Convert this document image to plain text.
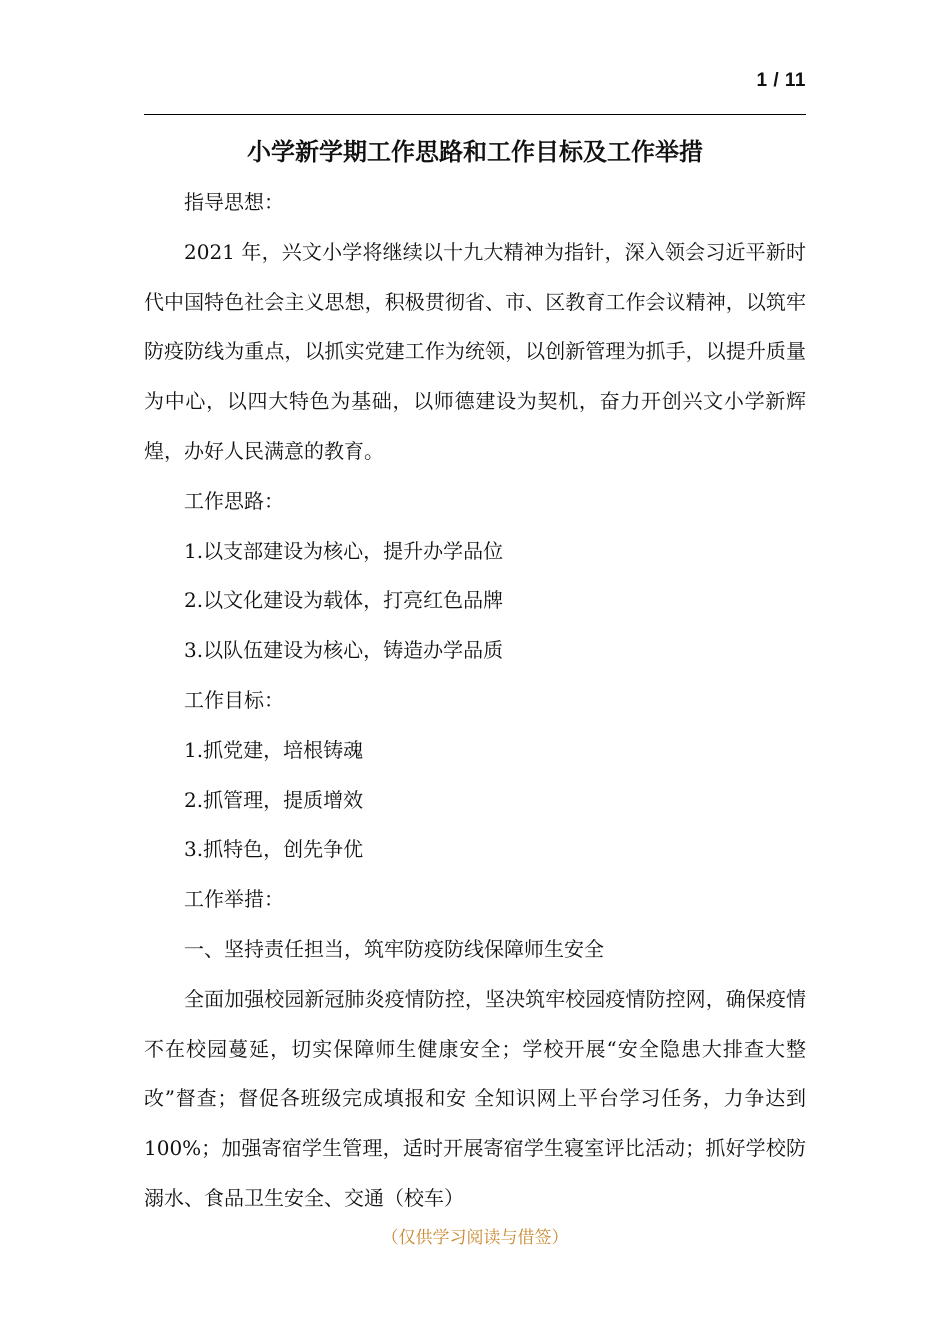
1 / 11
小学新学期工作思路和工作目标及工作举措

指导思想：

2021 年，兴文小学将继续以十九大精神为指针，深入领会习近平新时代中国特色社会主义思想，积极贯彻省、市、区教育工作会议精神，以筑牢防疫防线为重点，以抓实党建工作为统领，以创新管理为抓手，以提升质量为中心，以四大特色为基础，以师德建设为契机，奋力开创兴文小学新辉煌，办好人民满意的教育。

工作思路：

1.以支部建设为核心，提升办学品位

2.以文化建设为载体，打亮红色品牌

3.以队伍建设为核心，铸造办学品质

工作目标：

1.抓党建，培根铸魂

2.抓管理，提质增效

3.抓特色，创先争优

工作举措：

一、坚持责任担当，筑牢防疫防线保障师生安全

全面加强校园新冠肺炎疫情防控，坚决筑牢校园疫情防控网，确保疫情不在校园蔓延，切实保障师生健康安全；学校开展“安全隐患大排查大整改”督查；督促各班级完成填报和安 全知识网上平台学习任务，力争达到 100%；加强寄宿学生管理，适时开展寄宿学生寝室评比活动；抓好学校防溺水、食品卫生安全、交通（校车）

（仅供学习阅读与借签）
